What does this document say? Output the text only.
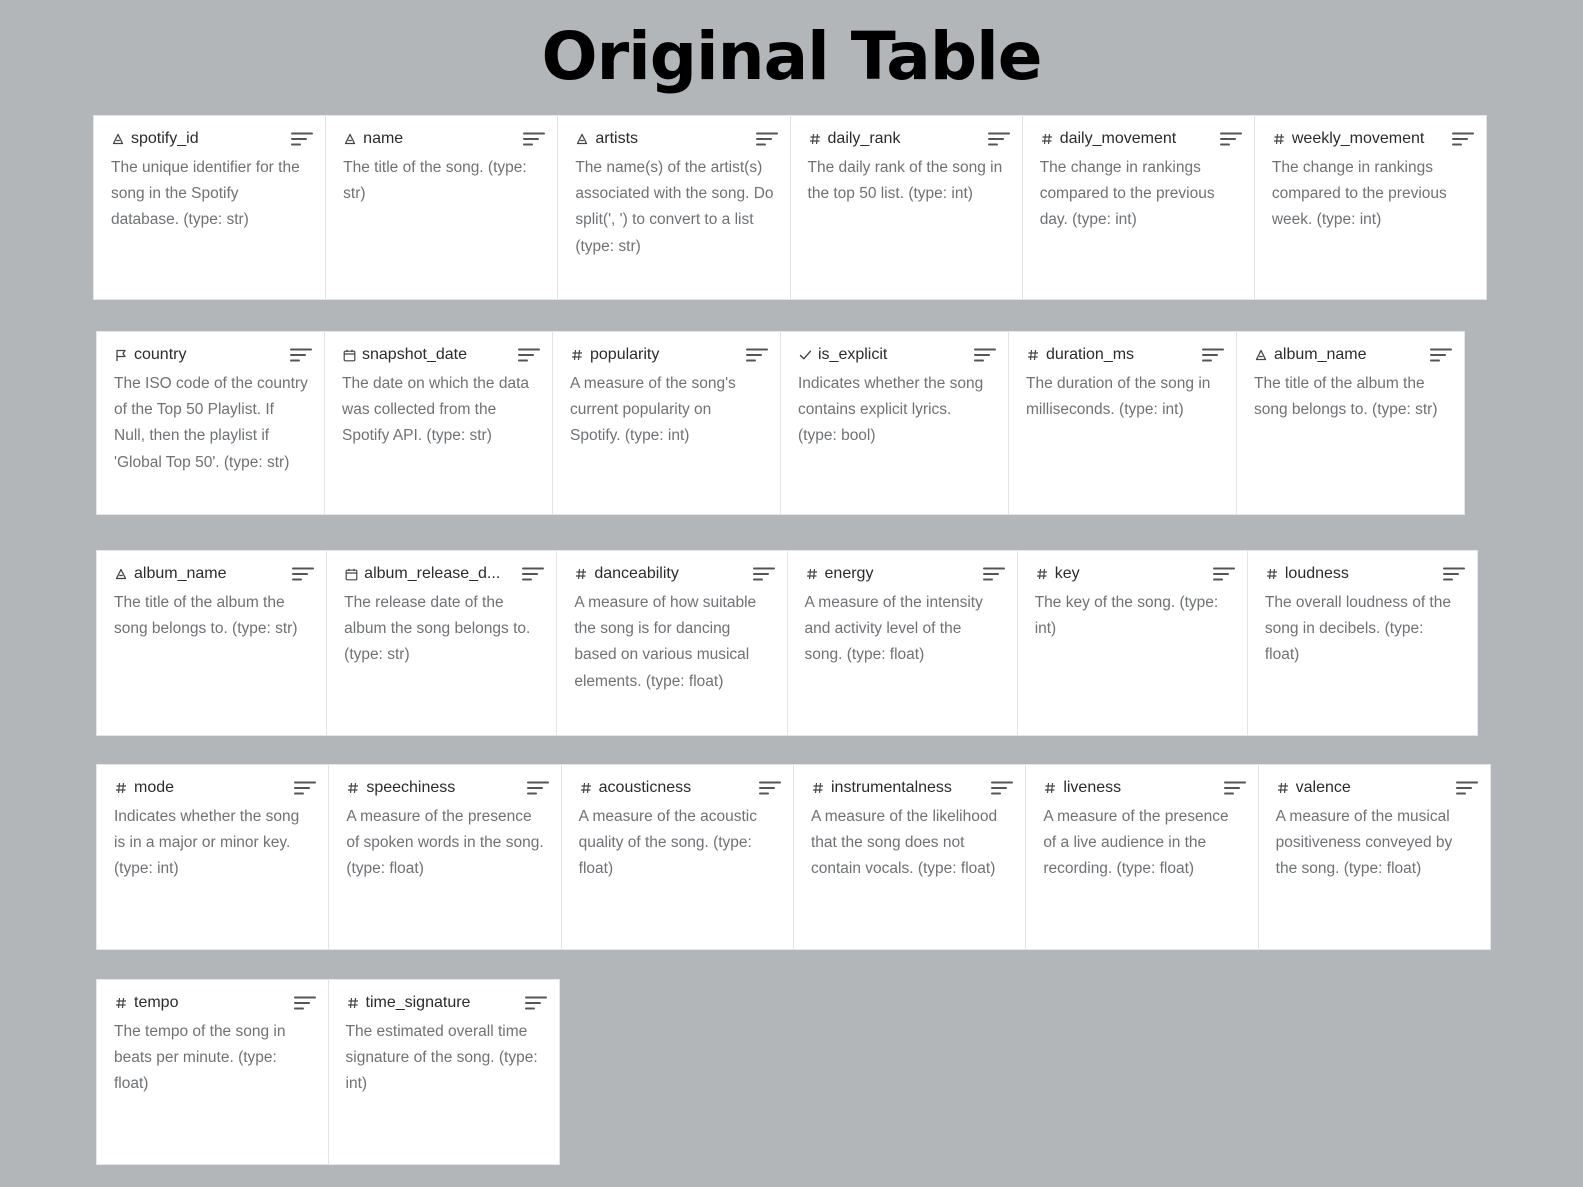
Original Table
spotify_id
The unique identifier for the song in the Spotify database. (type: str)
name
The title of the song. (type: str)
artists
The name(s) of the artist(s) associated with the song. Do split(', ') to convert to a list (type: str)
daily_rank
The daily rank of the song in the top 50 list. (type: int)
daily_movement
The change in rankings compared to the previous day. (type: int)
weekly_movement
The change in rankings compared to the previous week. (type: int)
country
The ISO code of the country of the Top 50 Playlist. If Null, then the playlist if 'Global Top 50'. (type: str)
snapshot_date
The date on which the data was collected from the Spotify API. (type: str)
popularity
A measure of the song's current popularity on Spotify. (type: int)
is_explicit
Indicates whether the song contains explicit lyrics. (type: bool)
duration_ms
The duration of the song in milliseconds. (type: int)
album_name
The title of the album the song belongs to. (type: str)
album_name
The title of the album the song belongs to. (type: str)
album_release_d...
The release date of the album the song belongs to. (type: str)
danceability
A measure of how suitable the song is for dancing based on various musical elements. (type: float)
energy
A measure of the intensity and activity level of the song. (type: float)
key
The key of the song. (type: int)
loudness
The overall loudness of the song in decibels. (type: float)
mode
Indicates whether the song is in a major or minor key. (type: int)
speechiness
A measure of the presence of spoken words in the song. (type: float)
acousticness
A measure of the acoustic quality of the song. (type: float)
instrumentalness
A measure of the likelihood that the song does not contain vocals. (type: float)
liveness
A measure of the presence of a live audience in the recording. (type: float)
valence
A measure of the musical positiveness conveyed by the song. (type: float)
tempo
The tempo of the song in beats per minute. (type: float)
time_signature
The estimated overall time signature of the song. (type: int)
